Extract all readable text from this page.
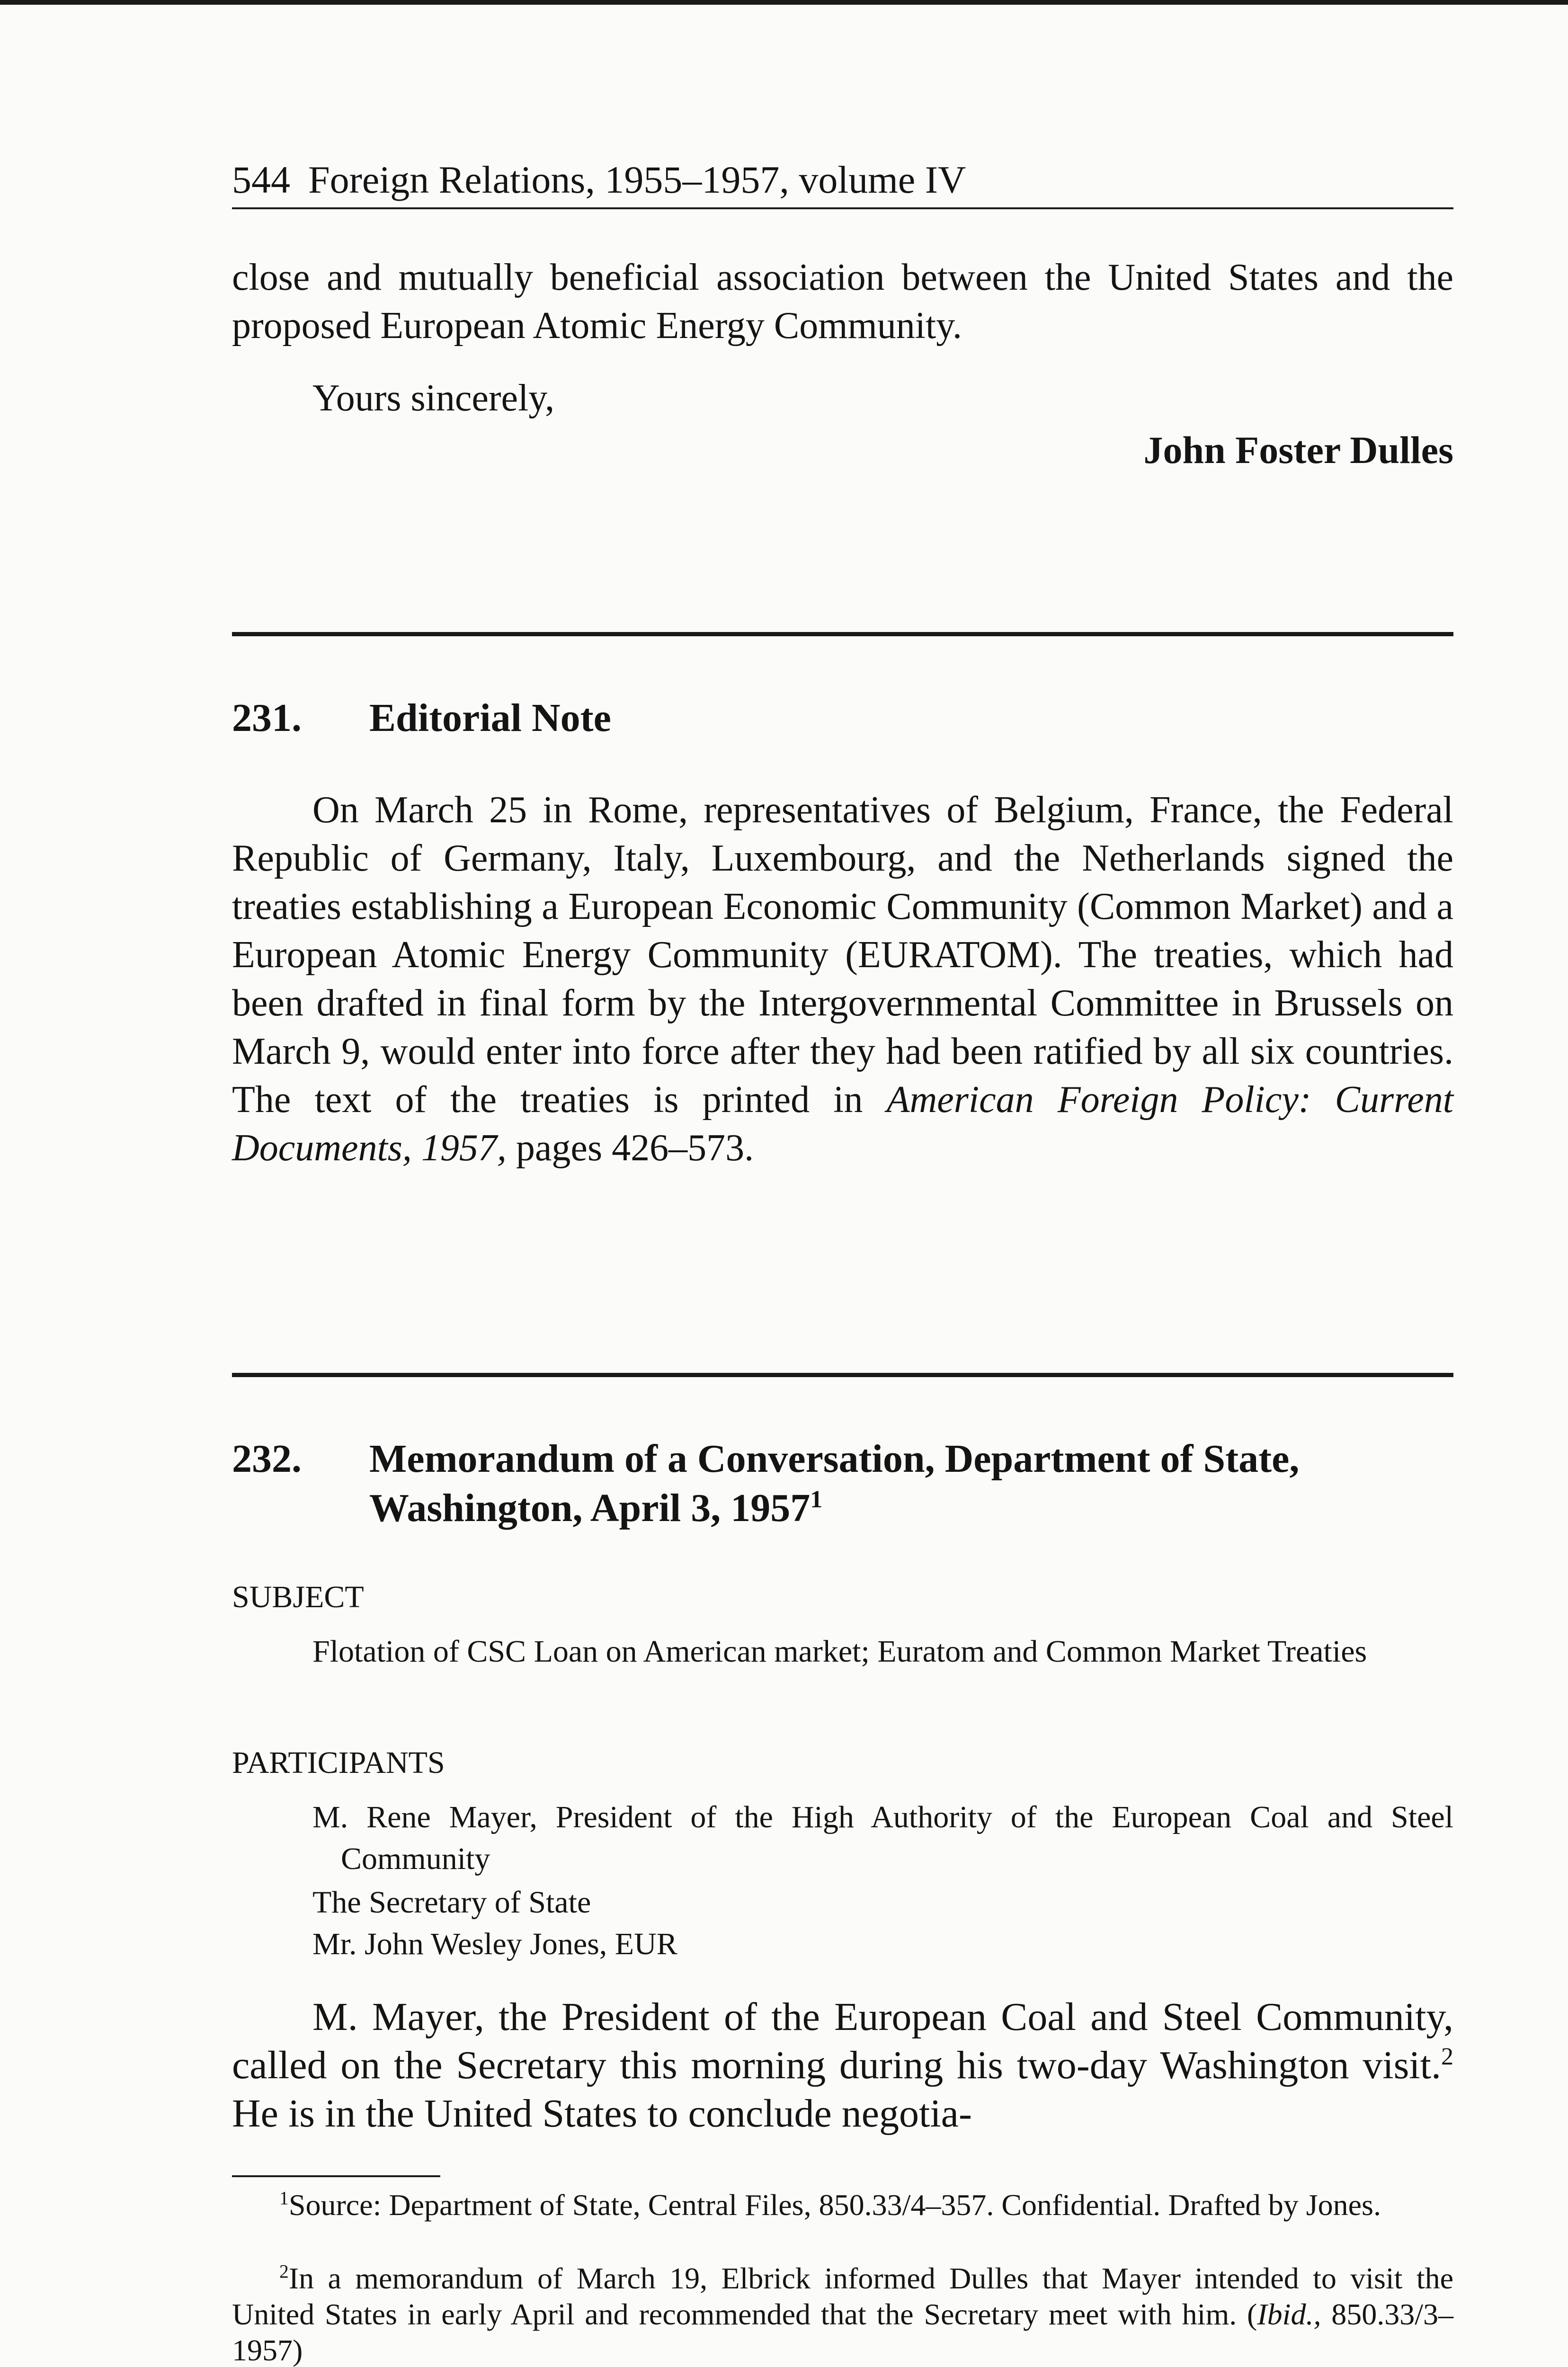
544 Foreign Relations, 1955–1957, volume IV
close and mutually beneficial association between the United States and the proposed European Atomic Energy Community.
Yours sincerely,
John Foster Dulles
231. Editorial Note
On March 25 in Rome, representatives of Belgium, France, the Federal Republic of Germany, Italy, Luxembourg, and the Netherlands signed the treaties establishing a European Economic Community (Common Market) and a European Atomic Energy Community (EURATOM). The treaties, which had been drafted in final form by the Intergovernmental Committee in Brussels on March 9, would enter into force after they had been ratified by all six countries. The text of the treaties is printed in American Foreign Policy: Current Documents, 1957, pages 426–573.
232. Memorandum of a Conversation, Department of State, Washington, April 3, 1957$^1$
SUBJECT
Flotation of CSC Loan on American market; Euratom and Common Market Treaties
PARTICIPANTS
M. Rene Mayer, President of the High Authority of the European Coal and Steel Community
The Secretary of State
Mr. John Wesley Jones, EUR
M. Mayer, the President of the European Coal and Steel Community, called on the Secretary this morning during his two-day Washington visit.$^2$ He is in the United States to conclude negotia-
$^1$Source: Department of State, Central Files, 850.33/4–357. Confidential. Drafted by Jones.
$^2$In a memorandum of March 19, Elbrick informed Dulles that Mayer intended to visit the United States in early April and recommended that the Secretary meet with him. (Ibid., 850.33/3–1957)
